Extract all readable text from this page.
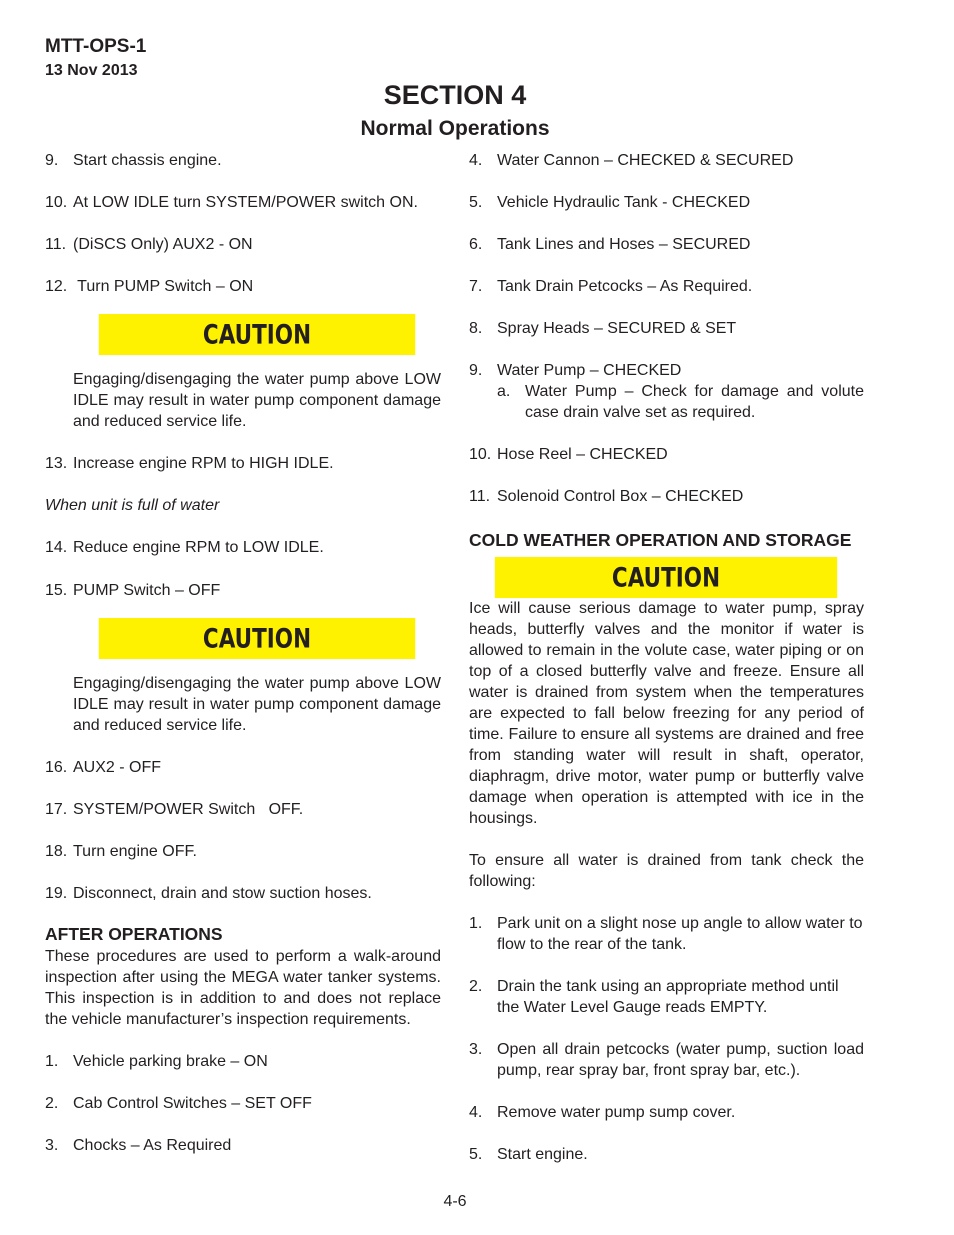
MTT-OPS-1
13 Nov 2013
SECTION 4
Normal Operations
9. Start chassis engine.
10. At LOW IDLE turn SYSTEM/POWER switch ON.
11. (DiSCS Only) AUX2 - ON
12. Turn PUMP Switch – ON
CAUTION
Engaging/disengaging the water pump above LOW IDLE may result in water pump component damage and reduced service life.
13. Increase engine RPM to HIGH IDLE.
When unit is full of water
14. Reduce engine RPM to LOW IDLE.
15. PUMP Switch – OFF
CAUTION
Engaging/disengaging the water pump above LOW IDLE may result in water pump component damage and reduced service life.
16. AUX2 - OFF
17. SYSTEM/POWER Switch   OFF.
18. Turn engine OFF.
19. Disconnect, drain and stow suction hoses.
AFTER OPERATIONS
These procedures are used to perform a walk-around inspection after using the MEGA water tanker systems. This inspection is in addition to and does not replace the vehicle manufacturer’s inspection requirements.
1. Vehicle parking brake – ON
2. Cab Control Switches – SET OFF
3. Chocks – As Required
4. Water Cannon – CHECKED & SECURED
5. Vehicle Hydraulic Tank - CHECKED
6. Tank Lines and Hoses – SECURED
7. Tank Drain Petcocks – As Required.
8. Spray Heads – SECURED & SET
9. Water Pump – CHECKED
a. Water Pump – Check for damage and volute case drain valve set as required.
10. Hose Reel – CHECKED
11. Solenoid Control Box – CHECKED
COLD WEATHER OPERATION AND STORAGE
CAUTION
Ice will cause serious damage to water pump, spray heads, butterfly valves and the monitor if water is allowed to remain in the volute case, water piping or on top of a closed butterfly valve and freeze. Ensure all water is drained from system when the temperatures are expected to fall below freezing for any period of time. Failure to ensure all systems are drained and free from standing water will result in shaft, operator, diaphragm, drive motor, water pump or butterfly valve damage when operation is attempted with ice in the housings.
To ensure all water is drained from tank check the following:
1. Park unit on a slight nose up angle to allow water to flow to the rear of the tank.
2. Drain the tank using an appropriate method until the Water Level Gauge reads EMPTY.
3. Open all drain petcocks (water pump, suction load pump, rear spray bar, front spray bar, etc.).
4. Remove water pump sump cover.
5. Start engine.
4-6
